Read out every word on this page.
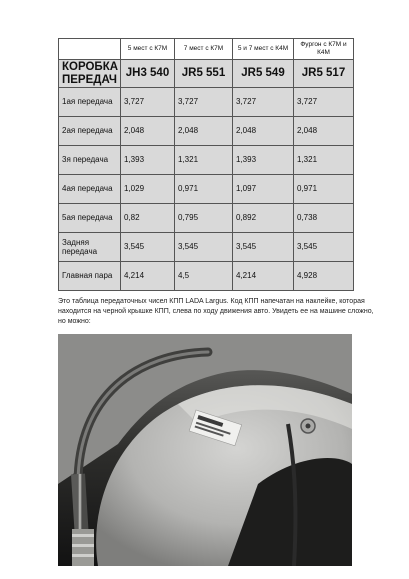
	5 мест с К7М	7 мест с К7М	5 и 7 мест с К4М	Фургон с К7М и К4М
КОРОБКА ПЕРЕДАЧ	JH3 540	JR5 551	JR5 549	JR5 517
1ая передача	3,727	3,727	3,727	3,727
2ая передача	2,048	2,048	2,048	2,048
3я передача	1,393	1,321	1,393	1,321
4ая передача	1,029	0,971	1,097	0,971
5ая передача	0,82	0,795	0,892	0,738
Задняя передача	3,545	3,545	3,545	3,545
Главная пара	4,214	4,5	4,214	4,928

Это таблица передаточных чисел КПП LADA Largus. Код КПП напечатан на наклейке, которая находится на черной крышке КПП, слева по ходу движения авто. Увидеть ее на машине сложно, но можно:
